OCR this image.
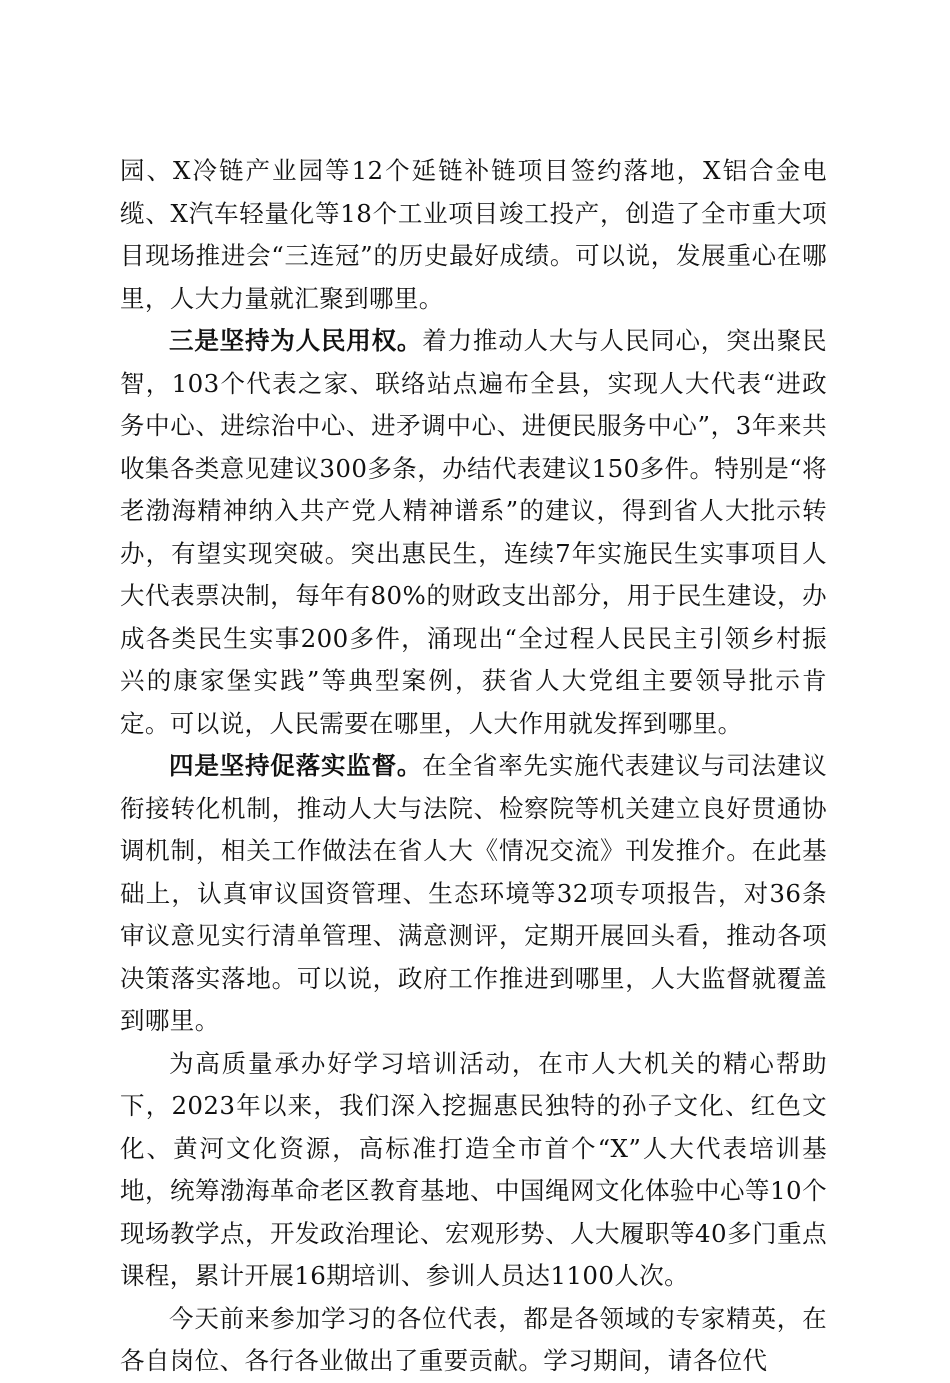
园、X冷链产业园等12个延链补链项目签约落地，X铝合金电缆、X汽车轻量化等18个工业项目竣工投产，创造了全市重大项目现场推进会“三连冠”的历史最好成绩。可以说，发展重心在哪里，人大力量就汇聚到哪里。

三是坚持为人民用权。着力推动人大与人民同心，突出聚民智，103个代表之家、联络站点遍布全县，实现人大代表“进政务中心、进综治中心、进矛调中心、进便民服务中心”，3年来共收集各类意见建议300多条，办结代表建议150多件。特别是“将老渤海精神纳入共产党人精神谱系”的建议，得到省人大批示转办，有望实现突破。突出惠民生，连续7年实施民生实事项目人大代表票决制，每年有80%的财政支出部分，用于民生建设，办成各类民生实事200多件，涌现出“全过程人民民主引领乡村振兴的康家堡实践”等典型案例，获省人大党组主要领导批示肯定。可以说，人民需要在哪里，人大作用就发挥到哪里。

四是坚持促落实监督。在全省率先实施代表建议与司法建议衔接转化机制，推动人大与法院、检察院等机关建立良好贯通协调机制，相关工作做法在省人大《情况交流》刊发推介。在此基础上，认真审议国资管理、生态环境等32项专项报告，对36条审议意见实行清单管理、满意测评，定期开展回头看，推动各项决策落实落地。可以说，政府工作推进到哪里，人大监督就覆盖到哪里。

为高质量承办好学习培训活动，在市人大机关的精心帮助下，2023年以来，我们深入挖掘惠民独特的孙子文化、红色文化、黄河文化资源，高标准打造全市首个“X”人大代表培训基地，统筹渤海革命老区教育基地、中国绳网文化体验中心等10个现场教学点，开发政治理论、宏观形势、人大履职等40多门重点课程，累计开展16期培训、参训人员达1100人次。

今天前来参加学习的各位代表，都是各领域的专家精英，在各自岗位、各行各业做出了重要贡献。学习期间，请各位代
